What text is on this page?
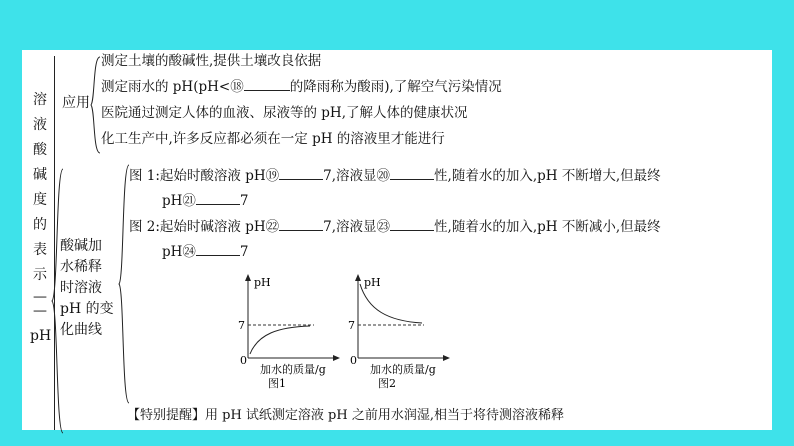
溶
液
酸
碱
度
的
表
示
—
—
pH
应用
测定土壤的酸碱性,提供土壤改良依据
测定雨水的 pH(pH<⑱	的降雨称为酸雨),了解空气污染情况
医院通过测定人体的血液、尿液等的 pH,了解人体的健康状况
化工生产中,许多反应都必须在一定 pH 的溶液里才能进行
酸碱加
水稀释
时溶液
pH 的变
化曲线
图 1:起始时酸溶液 pH⑲	7,溶液显⑳	性,随着水的加入,pH 不断增大,但最终
pH㉑	7
图 2:起始时碱溶液 pH㉒	7,溶液显㉓	性,随着水的加入,pH 不断减小,但最终
pH㉔	7
pH
7
0
加水的质量/g
图1
pH
7
0
加水的质量/g
图2
【特别提醒】用 pH 试纸测定溶液 pH 之前用水润湿,相当于将待测溶液稀释
